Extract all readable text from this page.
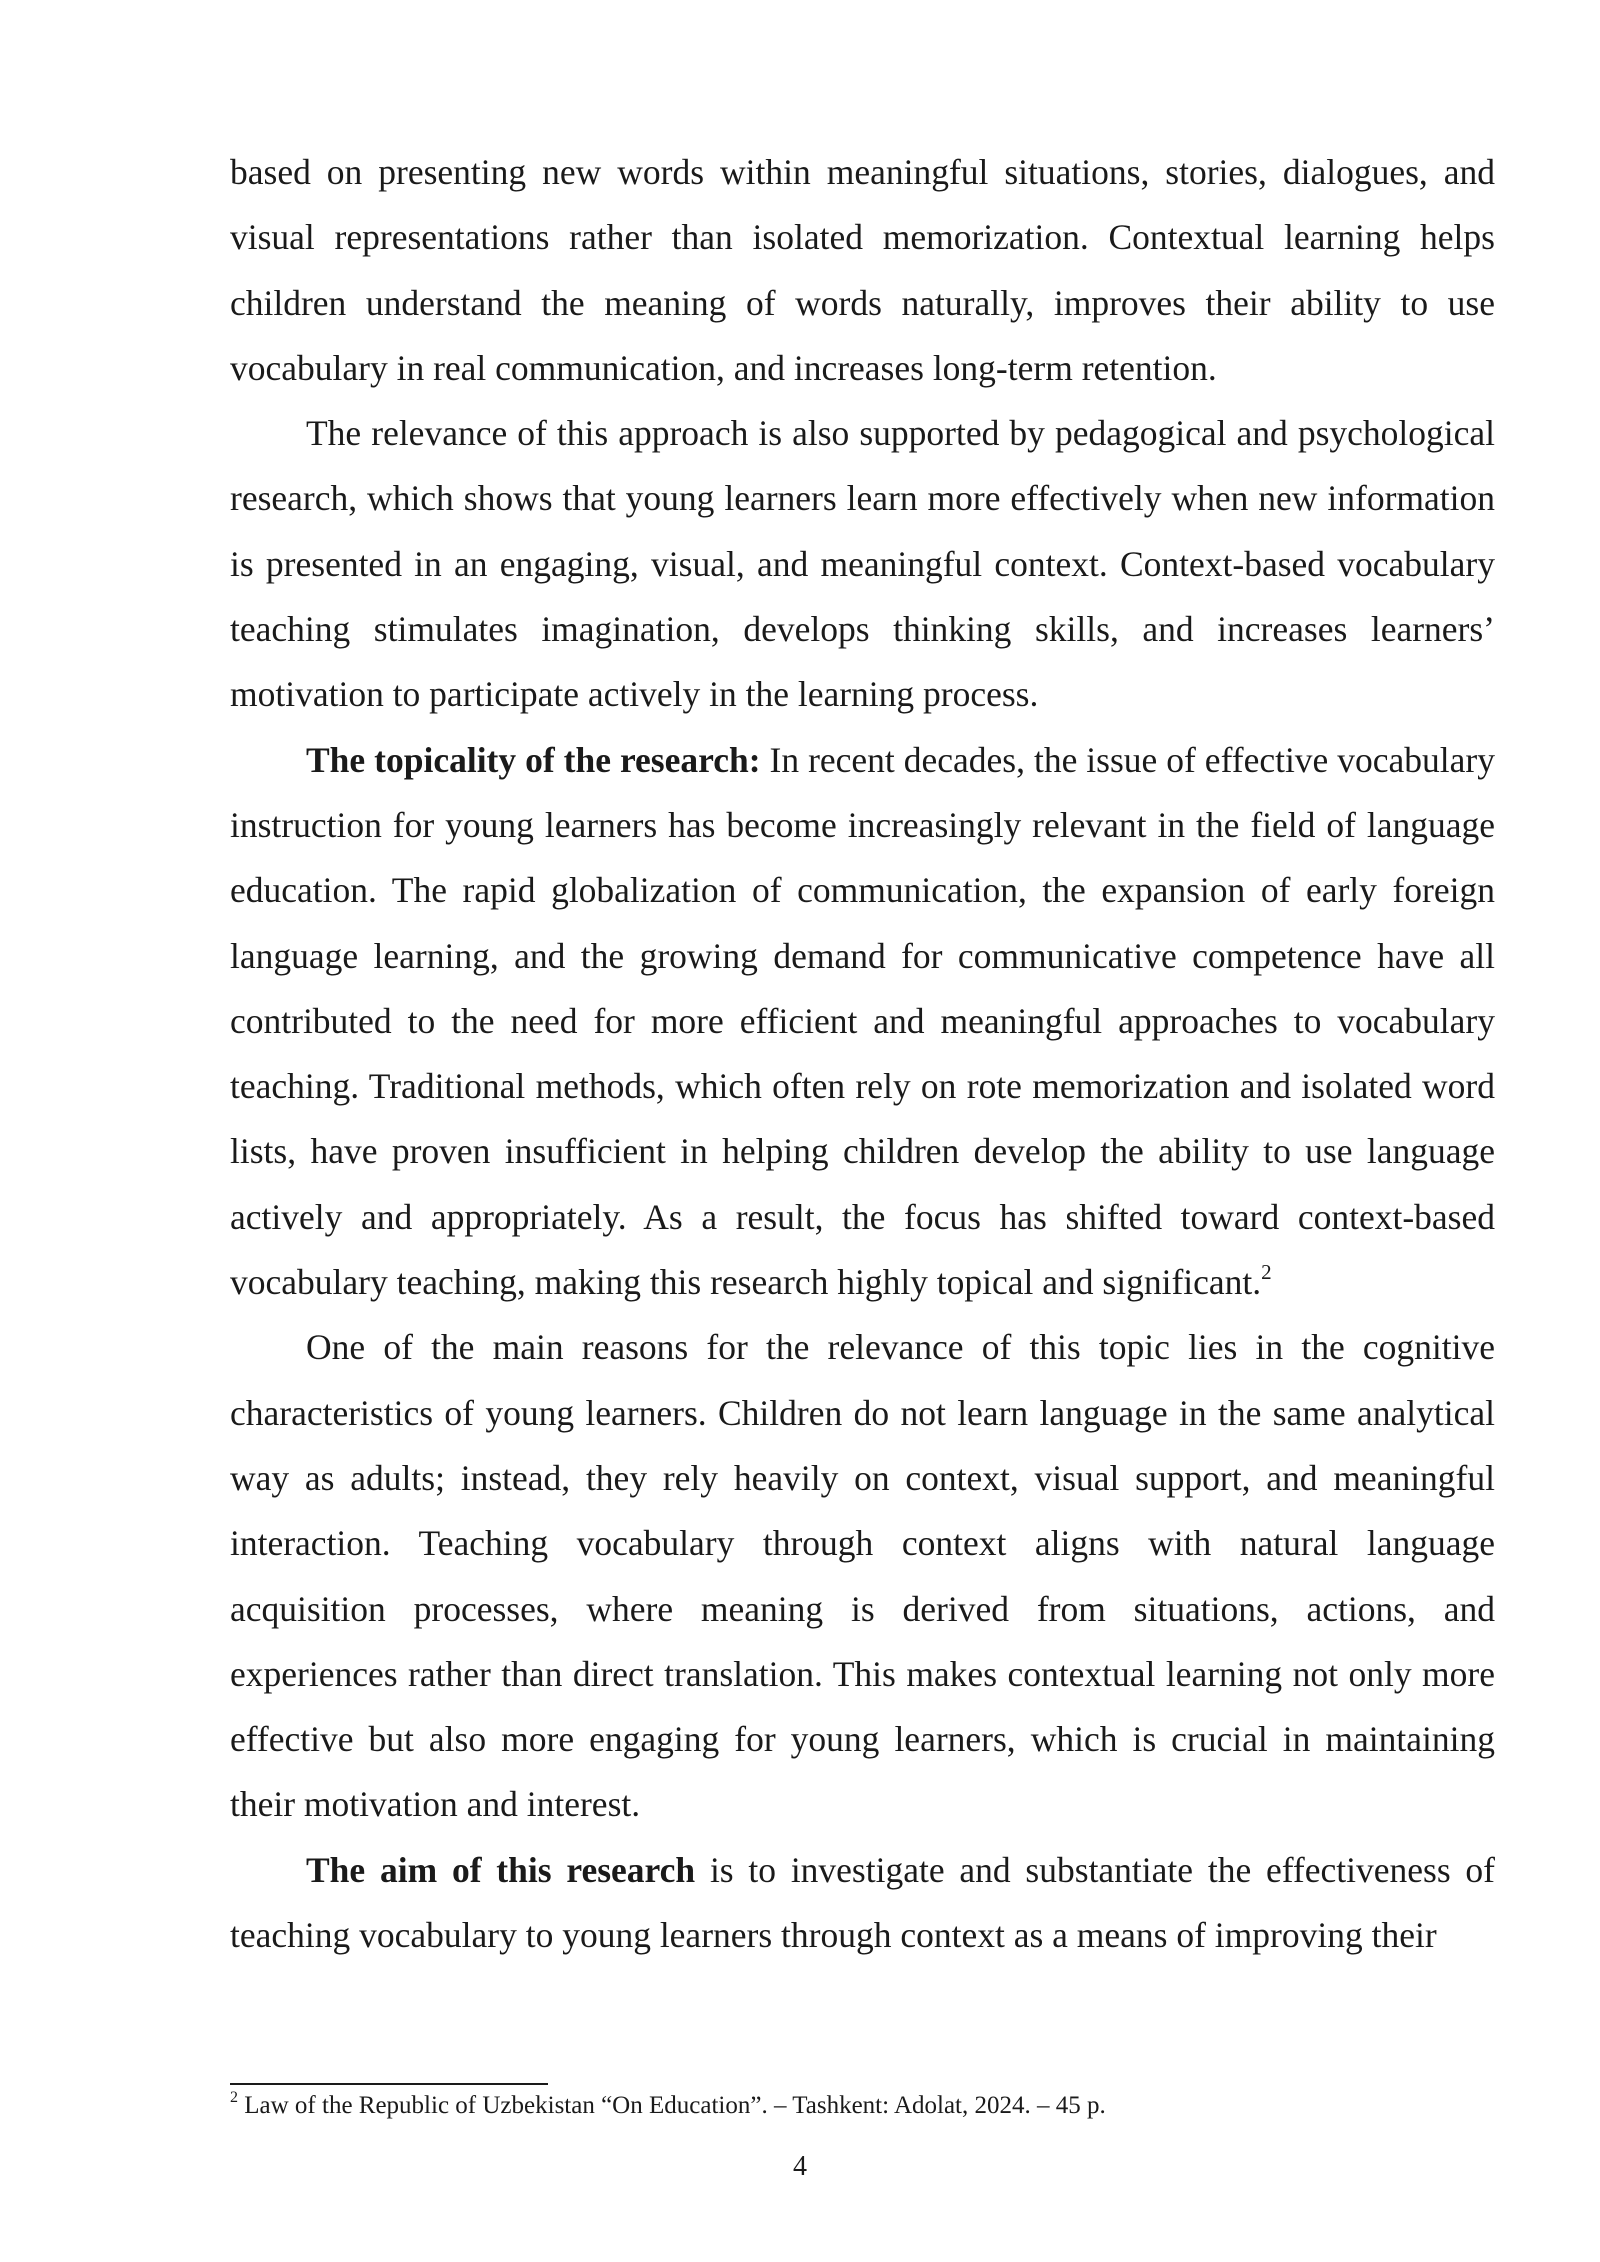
based on presenting new words within meaningful situations, stories, dialogues, and visual representations rather than isolated memorization. Contextual learning helps children understand the meaning of words naturally, improves their ability to use vocabulary in real communication, and increases long-term retention.

The relevance of this approach is also supported by pedagogical and psychological research, which shows that young learners learn more effectively when new information is presented in an engaging, visual, and meaningful context. Context-based vocabulary teaching stimulates imagination, develops thinking skills, and increases learners’ motivation to participate actively in the learning process.

The topicality of the research: In recent decades, the issue of effective vocabulary instruction for young learners has become increasingly relevant in the field of language education. The rapid globalization of communication, the expansion of early foreign language learning, and the growing demand for communicative competence have all contributed to the need for more efficient and meaningful approaches to vocabulary teaching. Traditional methods, which often rely on rote memorization and isolated word lists, have proven insufficient in helping children develop the ability to use language actively and appropriately. As a result, the focus has shifted toward context-based vocabulary teaching, making this research highly topical and significant.$^2$

One of the main reasons for the relevance of this topic lies in the cognitive characteristics of young learners. Children do not learn language in the same analytical way as adults; instead, they rely heavily on context, visual support, and meaningful interaction. Teaching vocabulary through context aligns with natural language acquisition processes, where meaning is derived from situations, actions, and experiences rather than direct translation. This makes contextual learning not only more effective but also more engaging for young learners, which is crucial in maintaining their motivation and interest.

The aim of this research is to investigate and substantiate the effectiveness of teaching vocabulary to young learners through context as a means of improving their

$^2$ Law of the Republic of Uzbekistan “On Education”. – Tashkent: Adolat, 2024. – 45 p.
4
